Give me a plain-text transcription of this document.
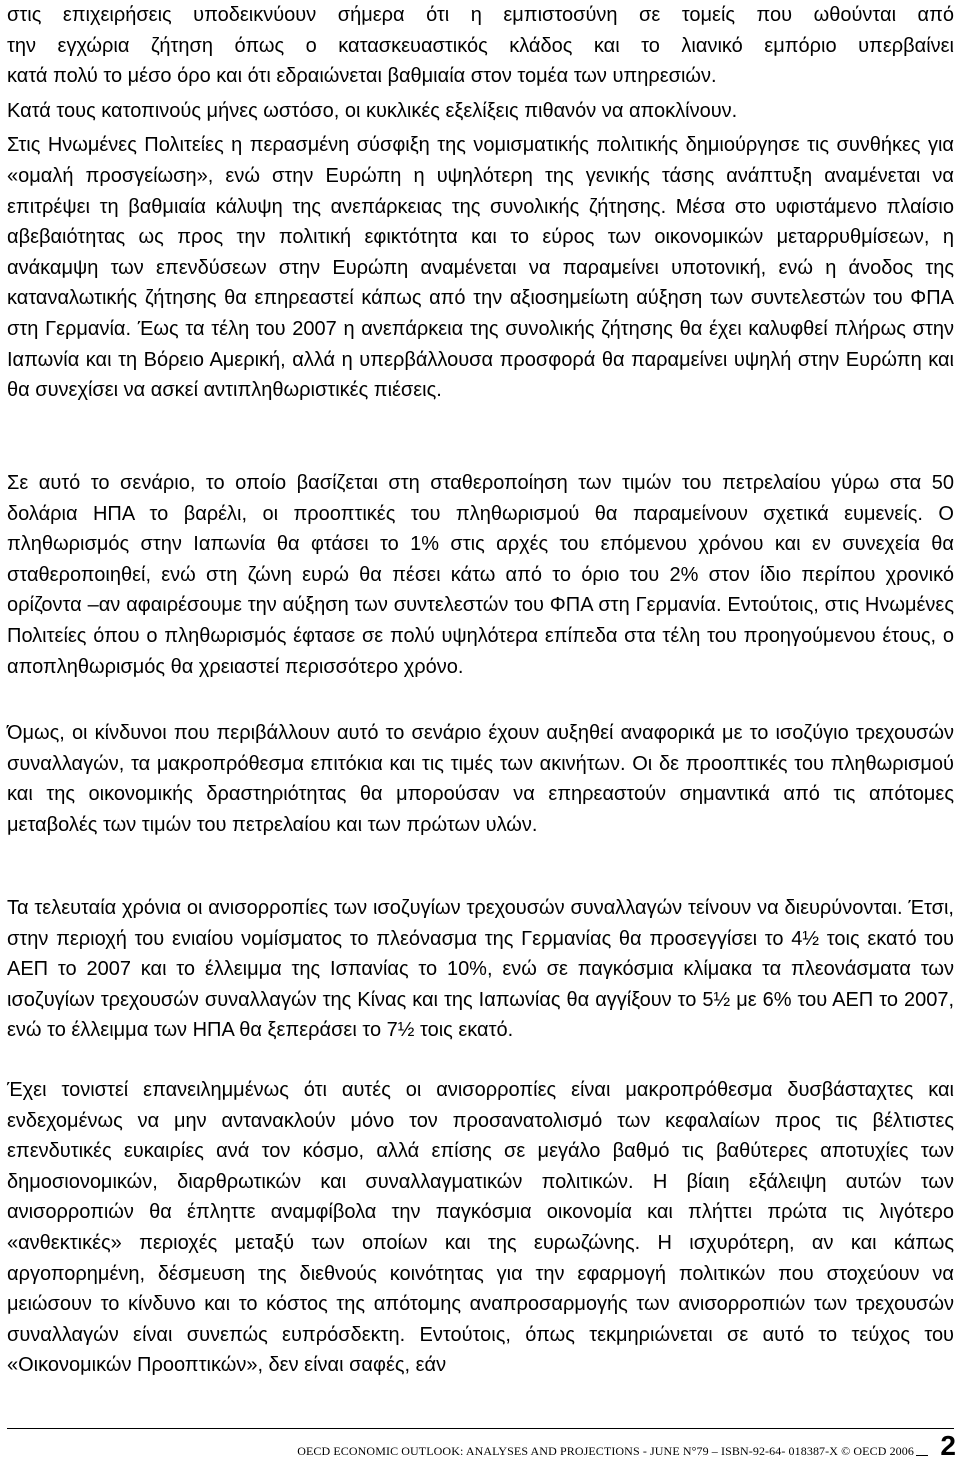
στις επιχειρήσεις υποδεικνύουν σήμερα ότι η εμπιστοσύνη σε τομείς που ωθούνται από

την εγχώρια ζήτηση όπως ο κατασκευαστικός κλάδος και το λιανικό εμπόριο υπερβαίνει

κατά πολύ το μέσο όρο και ότι εδραιώνεται βαθμιαία στον τομέα των υπηρεσιών.

Κατά τους κατοπινούς μήνες ωστόσο, οι κυκλικές εξελίξεις πιθανόν να αποκλίνουν.

Στις Ηνωμένες Πολιτείες η περασμένη σύσφιξη της νομισματικής πολιτικής δημιούργησε τις συνθήκες για «ομαλή προσγείωση», ενώ στην Ευρώπη η υψηλότερη της γενικής τάσης ανάπτυξη αναμένεται να επιτρέψει τη βαθμιαία κάλυψη της ανεπάρκειας της συνολικής ζήτησης. Μέσα στο υφιστάμενο πλαίσιο αβεβαιότητας ως προς την πολιτική εφικτότητα και το εύρος των οικονομικών μεταρρυθμίσεων, η ανάκαμψη των επενδύσεων στην Ευρώπη αναμένεται να παραμείνει υποτονική, ενώ η άνοδος της καταναλωτικής ζήτησης θα επηρεαστεί κάπως από την αξιοσημείωτη αύξηση των συντελεστών του ΦΠΑ στη Γερμανία. Έως τα τέλη του 2007 η ανεπάρκεια της συνολικής ζήτησης θα έχει καλυφθεί πλήρως στην Ιαπωνία και τη Βόρειο Αμερική, αλλά η υπερβάλλουσα προσφορά θα παραμείνει υψηλή στην Ευρώπη και θα συνεχίσει να ασκεί αντιπληθωριστικές πιέσεις.

Σε αυτό το σενάριο, το οποίο βασίζεται στη σταθεροποίηση των τιμών του πετρελαίου γύρω στα 50 δολάρια ΗΠΑ το βαρέλι, οι προοπτικές του πληθωρισμού θα παραμείνουν σχετικά ευμενείς. Ο πληθωρισμός στην Ιαπωνία θα φτάσει το 1% στις αρχές του επόμενου χρόνου και εν συνεχεία θα σταθεροποιηθεί, ενώ στη ζώνη ευρώ θα πέσει κάτω από το όριο του 2% στον ίδιο περίπου χρονικό ορίζοντα –αν αφαιρέσουμε την αύξηση των συντελεστών του ΦΠΑ στη Γερμανία. Εντούτοις, στις Ηνωμένες Πολιτείες όπου ο πληθωρισμός έφτασε σε πολύ υψηλότερα επίπεδα στα τέλη του προηγούμενου έτους, ο αποπληθωρισμός θα χρειαστεί περισσότερο χρόνο.

Όμως, οι κίνδυνοι που περιβάλλουν αυτό το σενάριο έχουν αυξηθεί αναφορικά με το ισοζύγιο τρεχουσών συναλλαγών, τα μακροπρόθεσμα επιτόκια και τις τιμές των ακινήτων. Οι δε προοπτικές του πληθωρισμού και της οικονομικής δραστηριότητας θα μπορούσαν να επηρεαστούν σημαντικά από τις απότομες μεταβολές των τιμών του πετρελαίου και των πρώτων υλών.

Τα τελευταία χρόνια οι ανισορροπίες των ισοζυγίων τρεχουσών συναλλαγών τείνουν να διευρύνονται. Έτσι, στην περιοχή του ενιαίου νομίσματος το πλεόνασμα της Γερμανίας θα προσεγγίσει το 4½ τοις εκατό του ΑΕΠ το 2007 και το έλλειμμα της Ισπανίας το 10%, ενώ σε παγκόσμια κλίμακα τα πλεονάσματα των ισοζυγίων τρεχουσών συναλλαγών της Κίνας και της Ιαπωνίας θα αγγίξουν το 5½ με 6% του ΑΕΠ το 2007, ενώ το έλλειμμα των ΗΠΑ θα ξεπεράσει το 7½ τοις εκατό.

Έχει τονιστεί επανειλημμένως ότι αυτές οι ανισορροπίες είναι μακροπρόθεσμα δυσβάσταχτες και ενδεχομένως να μην αντανακλούν μόνο τον προσανατολισμό των κεφαλαίων προς τις βέλτιστες επενδυτικές ευκαιρίες ανά τον κόσμο, αλλά επίσης σε μεγάλο βαθμό τις βαθύτερες αποτυχίες των δημοσιονομικών, διαρθρωτικών και συναλλαγματικών πολιτικών. Η βίαιη εξάλειψη αυτών των ανισορροπιών θα έπληττε αναμφίβολα την παγκόσμια οικονομία και πλήττει πρώτα τις λιγότερο «ανθεκτικές» περιοχές μεταξύ των οποίων και της ευρωζώνης. Η ισχυρότερη, αν και κάπως αργοπορημένη, δέσμευση της διεθνούς κοινότητας για την εφαρμογή πολιτικών που στοχεύουν να μειώσουν το κίνδυνο και το κόστος της απότομης αναπροσαρμογής των ανισορροπιών των τρεχουσών συναλλαγών είναι συνεπώς ευπρόσδεκτη. Εντούτοις, όπως τεκμηριώνεται σε αυτό το τεύχος του «Οικονομικών Προοπτικών», δεν είναι σαφές, εάν

OECD ECONOMIC OUTLOOK: ANALYSES AND PROJECTIONS - JUNE N°79 – ISBN-92-64- 018387-X © OECD 2006 2
